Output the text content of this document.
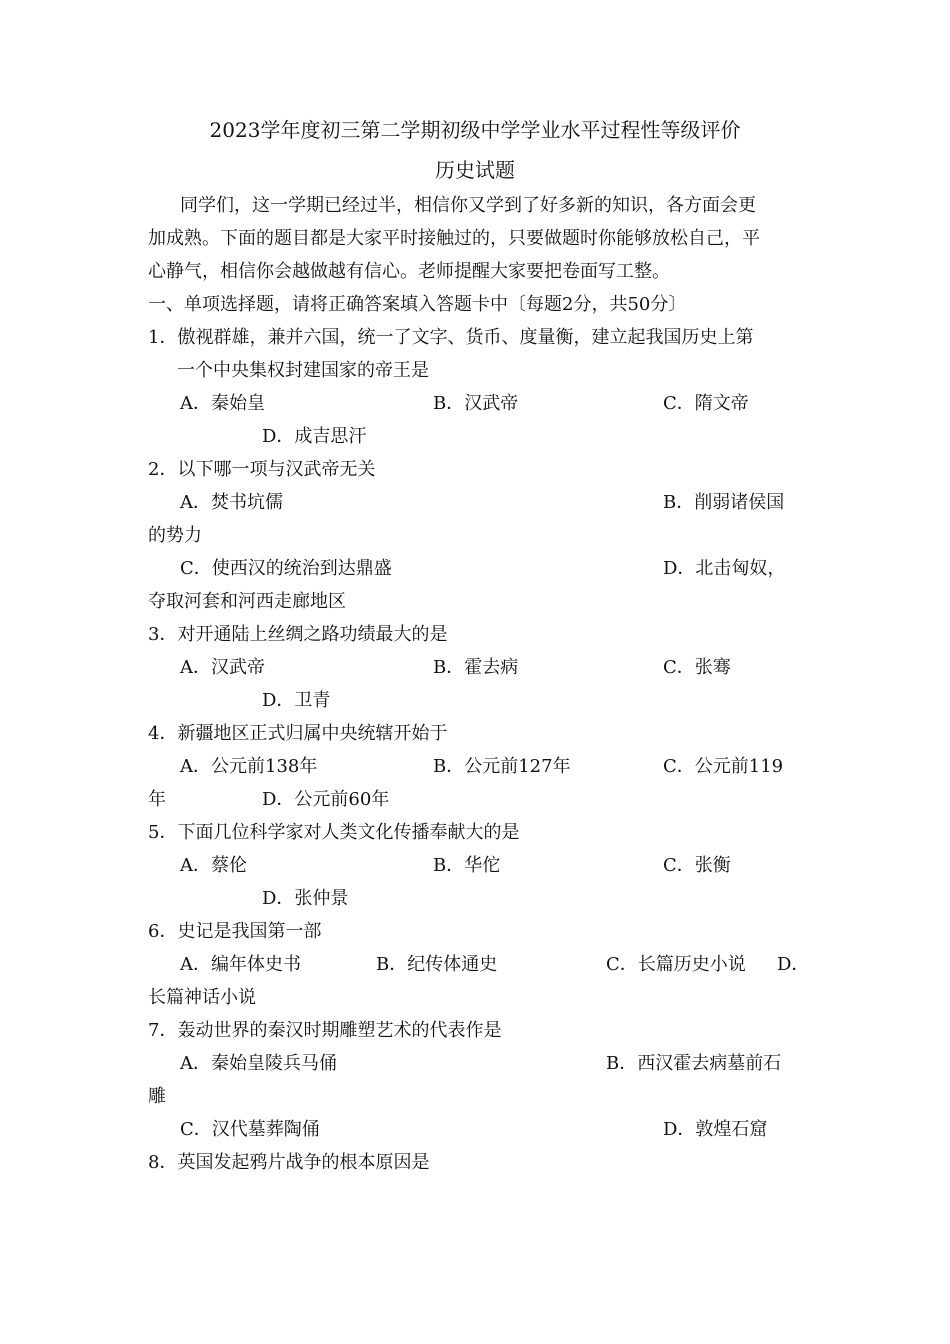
2023学年度初三第二学期初级中学学业水平过程性等级评价
历史试题
同学们，这一学期已经过半，相信你又学到了好多新的知识，各方面会更
加成熟。下面的题目都是大家平时接触过的，只要做题时你能够放松自己，平
心静气，相信你会越做越有信心。老师提醒大家要把卷面写工整。
一、单项选择题，请将正确答案填入答题卡中〔每题2分，共50分〕
1．傲视群雄，兼并六国，统一了文字、货币、度量衡，建立起我国历史上第
一个中央集权封建国家的帝王是
A．秦始皇	B．汉武帝	C．隋文帝
D．成吉思汗
2．以下哪一项与汉武帝无关
A．焚书坑儒	B．削弱诸侯国
的势力
C．使西汉的统治到达鼎盛	D．北击匈奴，
夺取河套和河西走廊地区
3．对开通陆上丝绸之路功绩最大的是
A．汉武帝	B．霍去病	C．张骞
D．卫青
4．新疆地区正式归属中央统辖开始于
A．公元前138年	B．公元前127年	C．公元前119
年	D．公元前60年
5．下面几位科学家对人类文化传播奉献大的是
A．蔡伦	B．华佗	C．张衡
D．张仲景
6．史记是我国第一部
A．编年体史书	B．纪传体通史	C．长篇历史小说 D．
长篇神话小说
7．轰动世界的秦汉时期雕塑艺术的代表作是
A．秦始皇陵兵马俑	B．西汉霍去病墓前石
雕
C．汉代墓葬陶俑	D．敦煌石窟
8．英国发起鸦片战争的根本原因是
